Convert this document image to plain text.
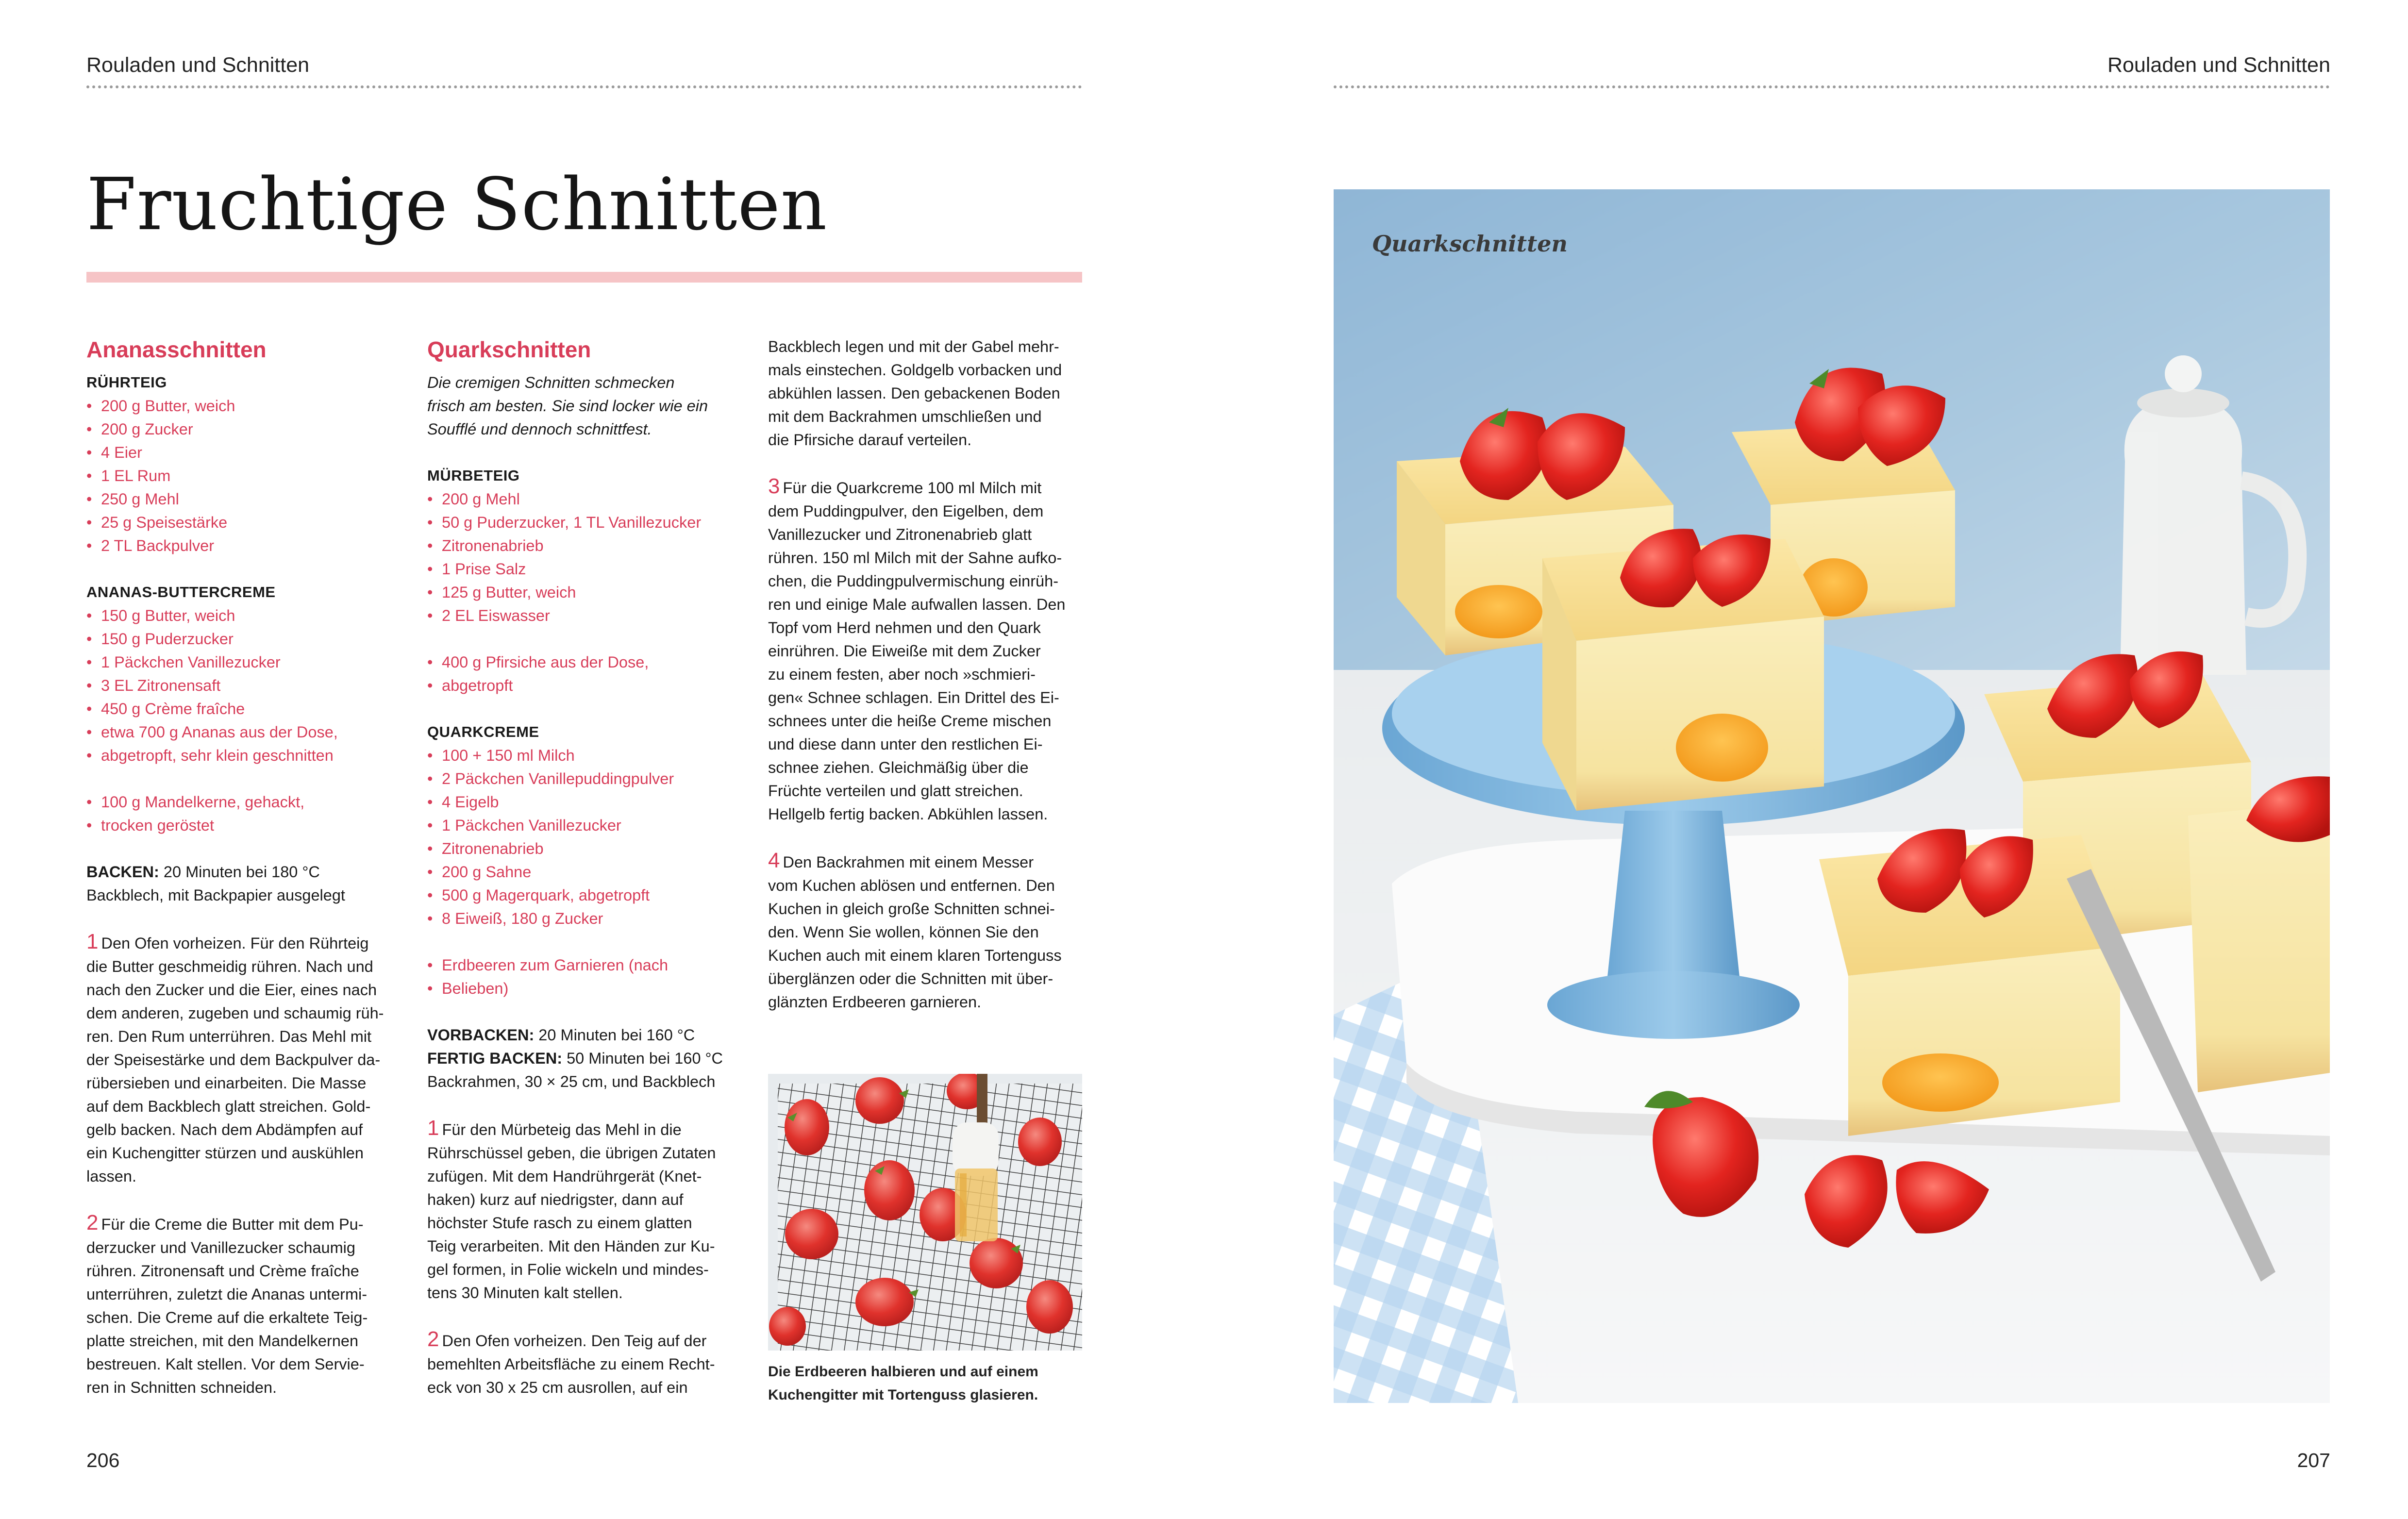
Rouladen und Schnitten	Rouladen und Schnitten
Fruchtige Schnitten

Ananasschnitten

RÜHRTEIG

• 200 g Butter, weich
• 200 g Zucker
• 4 Eier
• 1 EL Rum
• 250 g Mehl
• 25 g Speisestärke
• 2 TL Backpulver

ANANAS-BUTTERCREME

• 150 g Butter, weich
• 150 g Puderzucker
• 1 Päckchen Vanillezucker
• 3 EL Zitronensaft
• 450 g Crème fraîche
• etwa 700 g Ananas aus der Dose,
• abgetropft, sehr klein geschnitten
• 100 g Mandelkerne, gehackt,
• trocken geröstet

BACKEN: 20 Minuten bei 180 °C

Backblech, mit Backpapier ausgelegt

1 Den Ofen vorheizen. Für den Rührteig

die Butter geschmeidig rühren. Nach und

nach den Zucker und die Eier, eines nach

dem anderen, zugeben und schaumig rüh-

ren. Den Rum unterrühren. Das Mehl mit

der Speisestärke und dem Backpulver da-

rübersieben und einarbeiten. Die Masse

auf dem Backblech glatt streichen. Gold-

gelb backen. Nach dem Abdämpfen auf

ein Kuchengitter stürzen und auskühlen

lassen.

2 Für die Creme die Butter mit dem Pu-

derzucker und Vanillezucker schaumig

rühren. Zitronensaft und Crème fraîche

unterrühren, zuletzt die Ananas untermi-

schen. Die Creme auf die erkaltete Teig-

platte streichen, mit den Mandelkernen

bestreuen. Kalt stellen. Vor dem Servie-

ren in Schnitten schneiden.

Quarkschnitten

Die cremigen Schnitten schmecken

frisch am besten. Sie sind locker wie ein

Soufflé und dennoch schnittfest.

MÜRBETEIG

• 200 g Mehl
• 50 g Puderzucker, 1 TL Vanillezucker
• Zitronenabrieb
• 1 Prise Salz
• 125 g Butter, weich
• 2 EL Eiswasser
• 400 g Pfirsiche aus der Dose,
• abgetropft

QUARKCREME

• 100 + 150 ml Milch
• 2 Päckchen Vanillepuddingpulver
• 4 Eigelb
• 1 Päckchen Vanillezucker
• Zitronenabrieb
• 200 g Sahne
• 500 g Magerquark, abgetropft
• 8 Eiweiß, 180 g Zucker
• Erdbeeren zum Garnieren (nach
• Belieben)

VORBACKEN: 20 Minuten bei 160 °C

FERTIG BACKEN: 50 Minuten bei 160 °C

Backrahmen, 30 × 25 cm, und Backblech

1 Für den Mürbeteig das Mehl in die

Rührschüssel geben, die übrigen Zutaten

zufügen. Mit dem Handrührgerät (Knet-

haken) kurz auf niedrigster, dann auf

höchster Stufe rasch zu einem glatten

Teig verarbeiten. Mit den Händen zur Ku-

gel formen, in Folie wickeln und mindes-

tens 30 Minuten kalt stellen.

2 Den Ofen vorheizen. Den Teig auf der

bemehlten Arbeitsfläche zu einem Recht-

eck von 30 x 25 cm ausrollen, auf ein

Backblech legen und mit der Gabel mehr-

mals einstechen. Goldgelb vorbacken und

abkühlen lassen. Den gebackenen Boden

mit dem Backrahmen umschließen und

die Pfirsiche darauf verteilen.

3 Für die Quarkcreme 100 ml Milch mit

dem Puddingpulver, den Eigelben, dem

Vanillezucker und Zitronenabrieb glatt

rühren. 150 ml Milch mit der Sahne aufko-

chen, die Puddingpulvermischung einrüh-

ren und einige Male aufwallen lassen. Den

Topf vom Herd nehmen und den Quark

einrühren. Die Eiweiße mit dem Zucker

zu einem festen, aber noch »schmieri-

gen« Schnee schlagen. Ein Drittel des Ei-

schnees unter die heiße Creme mischen

und diese dann unter den restlichen Ei-

schnee ziehen. Gleichmäßig über die

Früchte verteilen und glatt streichen.

Hellgelb fertig backen. Abkühlen lassen.

4 Den Backrahmen mit einem Messer

vom Kuchen ablösen und entfernen. Den

Kuchen in gleich große Schnitten schnei-

den. Wenn Sie wollen, können Sie den

Kuchen auch mit einem klaren Tortenguss

überglänzen oder die Schnitten mit über-

glänzten Erdbeeren garnieren.

Die Erdbeeren halbieren und auf einem
Kuchengitter mit Tortenguss glasieren.
Quarkschnitten
206	207
